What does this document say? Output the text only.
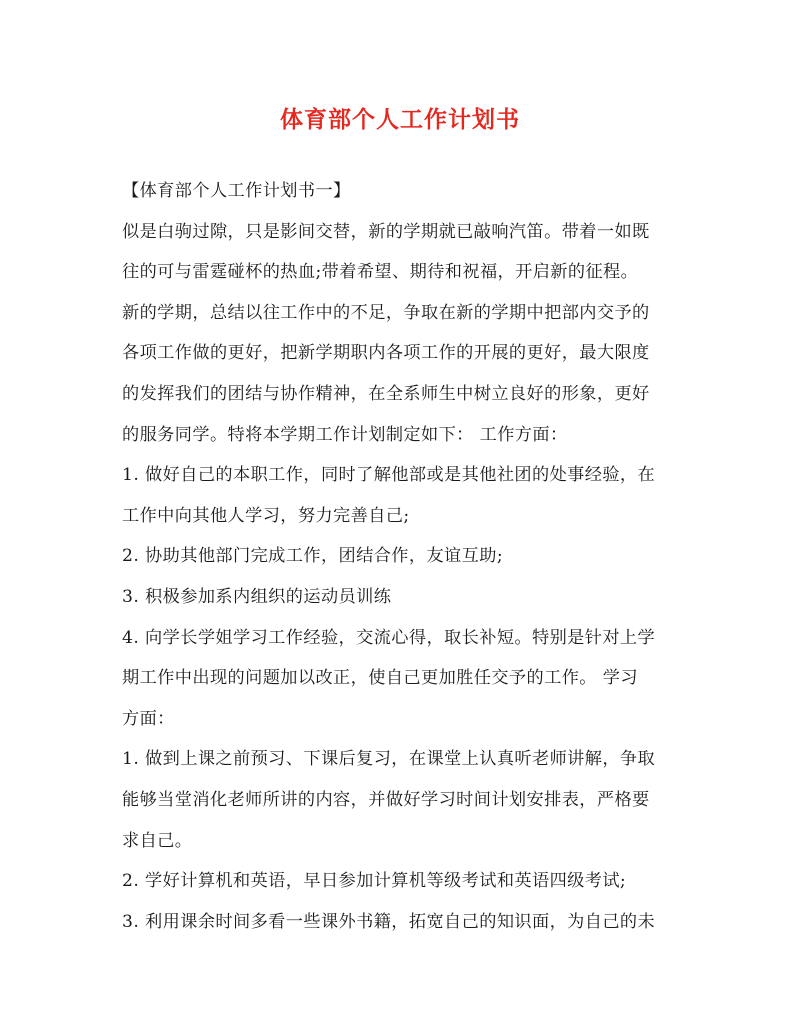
体育部个人工作计划书
【体育部个人工作计划书一】
似是白驹过隙，只是影间交替，新的学期就已敲响汽笛。带着一如既
往的可与雷霆碰杯的热血;带着希望、期待和祝福，开启新的征程。
新的学期，总结以往工作中的不足，争取在新的学期中把部内交予的
各项工作做的更好，把新学期职内各项工作的开展的更好，最大限度
的发挥我们的团结与协作精神，在全系师生中树立良好的形象，更好
的服务同学。特将本学期工作计划制定如下： 工作方面：
1. 做好自己的本职工作，同时了解他部或是其他社团的处事经验，在
工作中向其他人学习，努力完善自己;
2. 协助其他部门完成工作，团结合作，友谊互助;
3. 积极参加系内组织的运动员训练
4. 向学长学姐学习工作经验，交流心得，取长补短。特别是针对上学
期工作中出现的问题加以改正，使自己更加胜任交予的工作。 学习
方面：
1. 做到上课之前预习、下课后复习，在课堂上认真听老师讲解，争取
能够当堂消化老师所讲的内容，并做好学习时间计划安排表，严格要
求自己。
2. 学好计算机和英语，早日参加计算机等级考试和英语四级考试;
3. 利用课余时间多看一些课外书籍，拓宽自己的知识面，为自己的未
